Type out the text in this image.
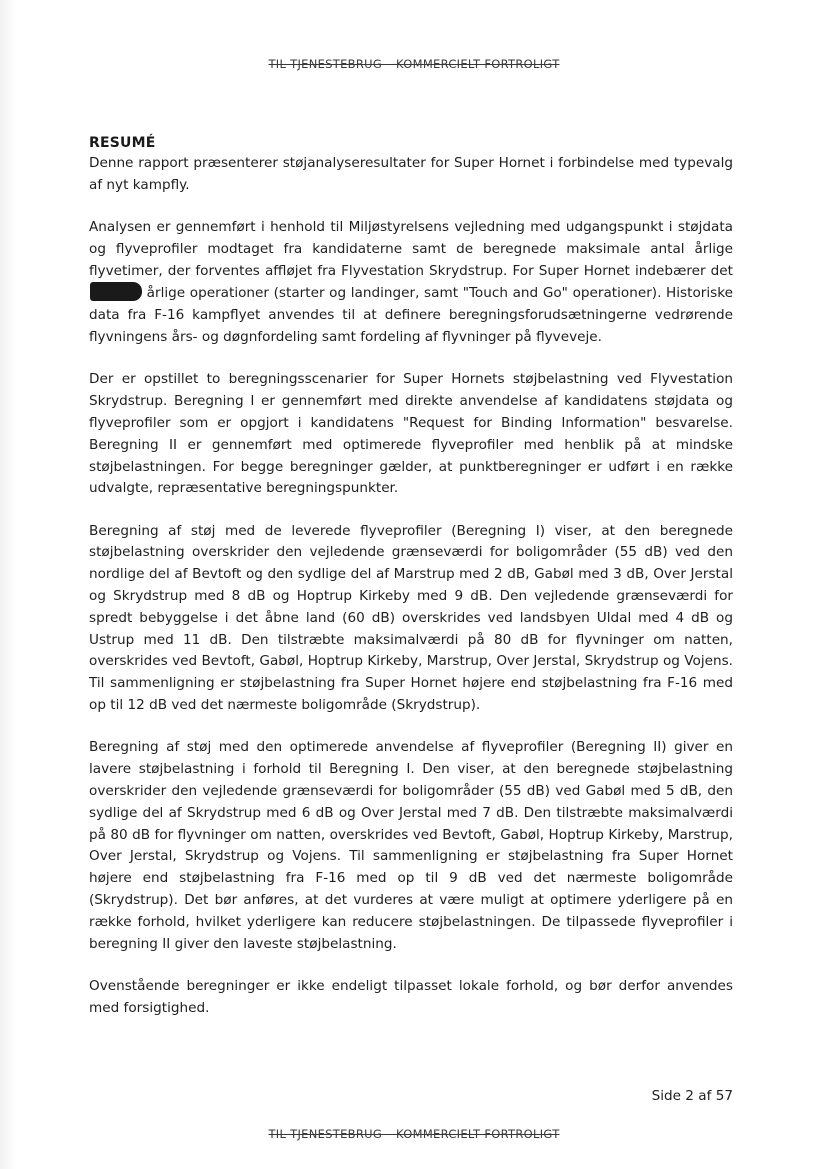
TIL TJENESTEBRUG – KOMMERCIELT FORTROLIGT
RESUMÉ

Denne rapport præsenterer støjanalyseresultater for Super Hornet i forbindelse med typevalg af nyt kampfly.

Analysen er gennemført i henhold til Miljøstyrelsens vejledning med udgangspunkt i støjdata og flyveprofiler modtaget fra kandidaterne samt de beregnede maksimale antal årlige flyvetimer, der forventes affløjet fra Flyvestation Skrydstrup. For Super Hornet indebærer det årlige operationer (starter og landinger, samt "Touch and Go" operationer). Historiske data fra F-16 kampflyet anvendes til at definere beregningsforudsætningerne vedrørende flyvningens års- og døgnfordeling samt fordeling af flyvninger på flyveveje.

Der er opstillet to beregningsscenarier for Super Hornets støjbelastning ved Flyvestation Skrydstrup. Beregning I er gennemført med direkte anvendelse af kandidatens støjdata og flyveprofiler som er opgjort i kandidatens "Request for Binding Information" besvarelse. Beregning II er gennemført med optimerede flyveprofiler med henblik på at mindske støjbelastningen. For begge beregninger gælder, at punktberegninger er udført i en række udvalgte, repræsentative beregningspunkter.

Beregning af støj med de leverede flyveprofiler (Beregning I) viser, at den beregnede støjbelastning overskrider den vejledende grænseværdi for boligområder (55 dB) ved den nordlige del af Bevtoft og den sydlige del af Marstrup med 2 dB, Gabøl med 3 dB, Over Jerstal og Skrydstrup med 8 dB og Hoptrup Kirkeby med 9 dB. Den vejledende grænseværdi for spredt bebyggelse i det åbne land (60 dB) overskrides ved landsbyen Uldal med 4 dB og Ustrup med 11 dB. Den tilstræbte maksimalværdi på 80 dB for flyvninger om natten, overskrides ved Bevtoft, Gabøl, Hoptrup Kirkeby, Marstrup, Over Jerstal, Skrydstrup og Vojens. Til sammenligning er støjbelastning fra Super Hornet højere end støjbelastning fra F-16 med op til 12 dB ved det nærmeste boligområde (Skrydstrup).

Beregning af støj med den optimerede anvendelse af flyveprofiler (Beregning II) giver en lavere støjbelastning i forhold til Beregning I. Den viser, at den beregnede støjbelastning overskrider den vejledende grænseværdi for boligområder (55 dB) ved Gabøl med 5 dB, den sydlige del af Skrydstrup med 6 dB og Over Jerstal med 7 dB. Den tilstræbte maksimalværdi på 80 dB for flyvninger om natten, overskrides ved Bevtoft, Gabøl, Hoptrup Kirkeby, Marstrup, Over Jerstal, Skrydstrup og Vojens. Til sammenligning er støjbelastning fra Super Hornet højere end støjbelastning fra F-16 med op til 9 dB ved det nærmeste boligområde (Skrydstrup). Det bør anføres, at det vurderes at være muligt at optimere yderligere på en række forhold, hvilket yderligere kan reducere støjbelastningen. De tilpassede flyveprofiler i beregning II giver den laveste støjbelastning.

Ovenstående beregninger er ikke endeligt tilpasset lokale forhold, og bør derfor anvendes med forsigtighed.

Side 2 af 57
TIL TJENESTEBRUG – KOMMERCIELT FORTROLIGT
